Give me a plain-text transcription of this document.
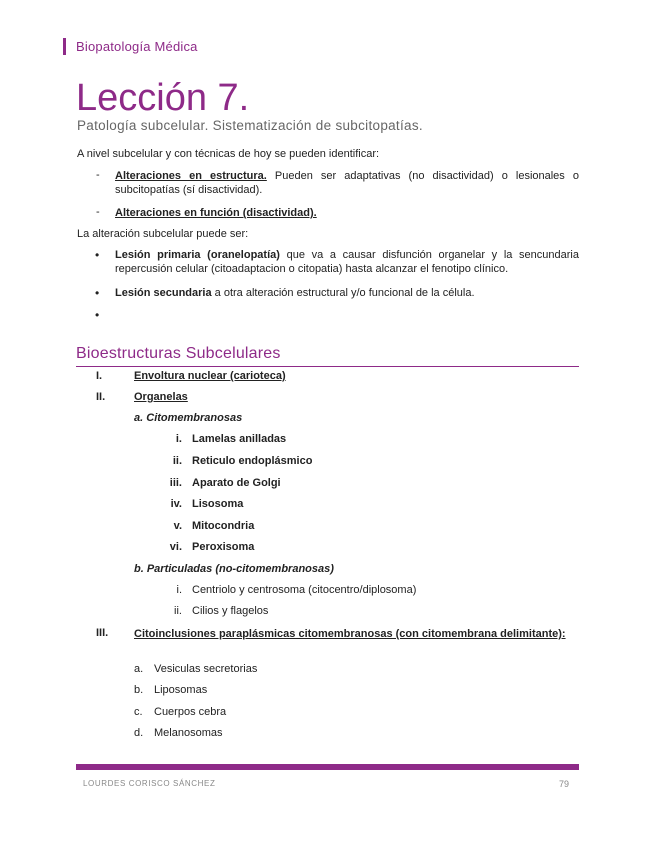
Biopatología Médica
Lección 7.
Patología subcelular. Sistematización de subcitopatías.
A nivel subcelular y con técnicas de hoy se pueden identificar:
- Alteraciones en estructura. Pueden ser adaptativas (no disactividad) o lesionales o subcitopatías (sí disactividad).
- Alteraciones en función (disactividad).
La alteración subcelular puede ser:
• Lesión primaria (oranelopatía) que va a causar disfunción organelar y la sencundaria repercusión celular (citoadaptacion o citopatia) hasta alcanzar el fenotipo clínico.
• Lesión secundaria a otra alteración estructural y/o funcional de la célula.
•
Bioestructuras Subcelulares
I.	Envoltura nuclear (carioteca)
II.	Organelas
a. Citomembranosas
i. Lamelas anilladas
ii. Reticulo endoplásmico
iii. Aparato de Golgi
iv. Lisosoma
v. Mitocondria
vi. Peroxisoma
b. Particuladas (no-citomembranosas)
i. Centriolo y centrosoma (citocentro/diplosoma)
ii. Cilios y flagelos
III. Citoinclusiones paraplásmicas citomembranosas (con citomembrana delimitante):
a. Vesiculas secretorias
b. Liposomas
c. Cuerpos cebra
d. Melanosomas
LOURDES CORISCO SÁNCHEZ	79
